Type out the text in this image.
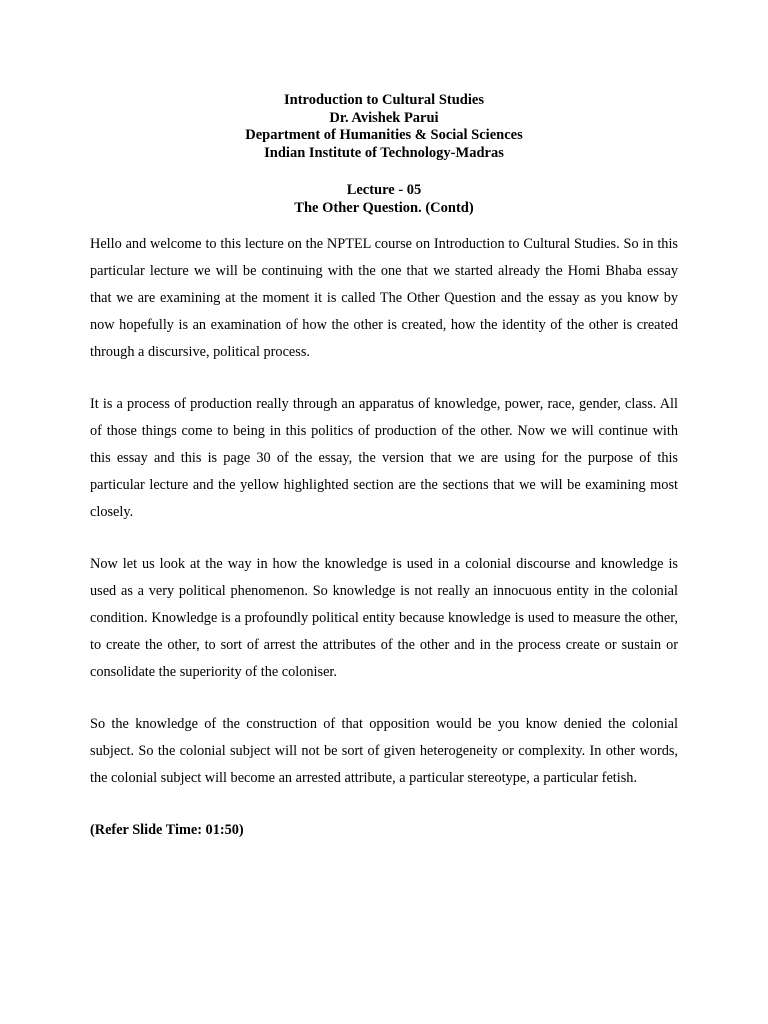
Introduction to Cultural Studies
Dr. Avishek Parui
Department of Humanities & Social Sciences
Indian Institute of Technology-Madras
Lecture - 05
The Other Question. (Contd)

Hello and welcome to this lecture on the NPTEL course on Introduction to Cultural Studies. So in this particular lecture we will be continuing with the one that we started already the Homi Bhaba essay that we are examining at the moment it is called The Other Question and the essay as you know by now hopefully is an examination of how the other is created, how the identity of the other is created through a discursive, political process.

It is a process of production really through an apparatus of knowledge, power, race, gender, class. All of those things come to being in this politics of production of the other. Now we will continue with this essay and this is page 30 of the essay, the version that we are using for the purpose of this particular lecture and the yellow highlighted section are the sections that we will be examining most closely.

Now let us look at the way in how the knowledge is used in a colonial discourse and knowledge is used as a very political phenomenon. So knowledge is not really an innocuous entity in the colonial condition. Knowledge is a profoundly political entity because knowledge is used to measure the other, to create the other, to sort of arrest the attributes of the other and in the process create or sustain or consolidate the superiority of the coloniser.

So the knowledge of the construction of that opposition would be you know denied the colonial subject. So the colonial subject will not be sort of given heterogeneity or complexity. In other words, the colonial subject will become an arrested attribute, a particular stereotype, a particular fetish.

(Refer Slide Time: 01:50)
